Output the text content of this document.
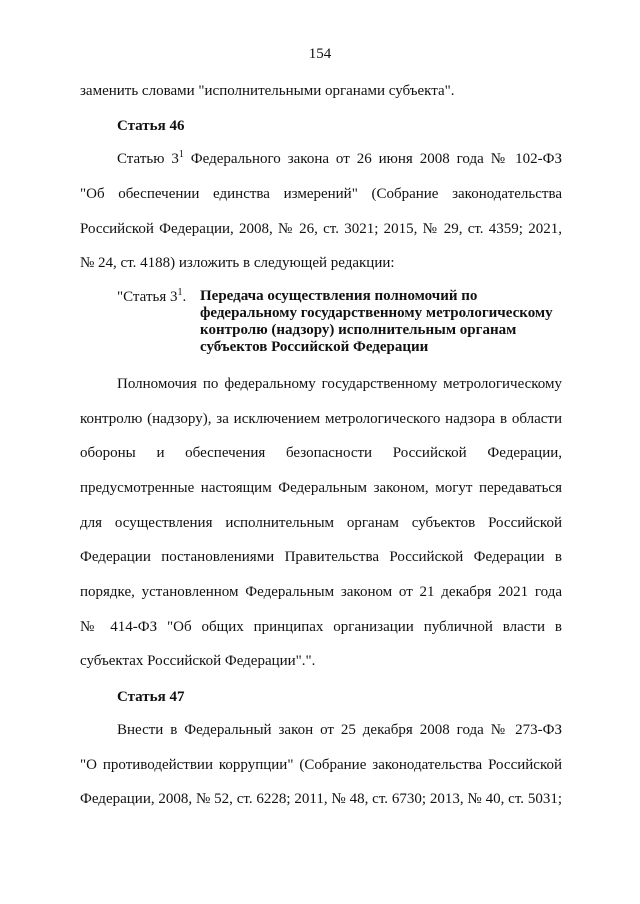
154
заменить словами "исполнительными органами субъекта".
Статья 46
Статью $3^1$ Федерального закона от 26 июня 2008 года № 102-ФЗ
"Об обеспечении единства измерений" (Собрание законодательства
Российской Федерации, 2008, № 26, ст. 3021; 2015, № 29, ст. 4359; 2021,
№ 24, ст. 4188) изложить в следующей редакции:
"Статья $3^1$. Передача осуществления полномочий по
федеральному государственному метрологическому
контролю (надзору) исполнительным органам
субъектов Российской Федерации
Полномочия по федеральному государственному метрологическому
контролю (надзору), за исключением метрологического надзора в области
обороны и обеспечения безопасности Российской Федерации,
предусмотренные настоящим Федеральным законом, могут передаваться
для осуществления исполнительным органам субъектов Российской
Федерации постановлениями Правительства Российской Федерации в
порядке, установленном Федеральным законом от 21 декабря 2021 года
№ 414-ФЗ "Об общих принципах организации публичной власти в
субъектах Российской Федерации".".
Статья 47
Внести в Федеральный закон от 25 декабря 2008 года № 273-ФЗ
"О противодействии коррупции" (Собрание законодательства Российской
Федерации, 2008, № 52, ст. 6228; 2011, № 48, ст. 6730; 2013, № 40, ст. 5031;
